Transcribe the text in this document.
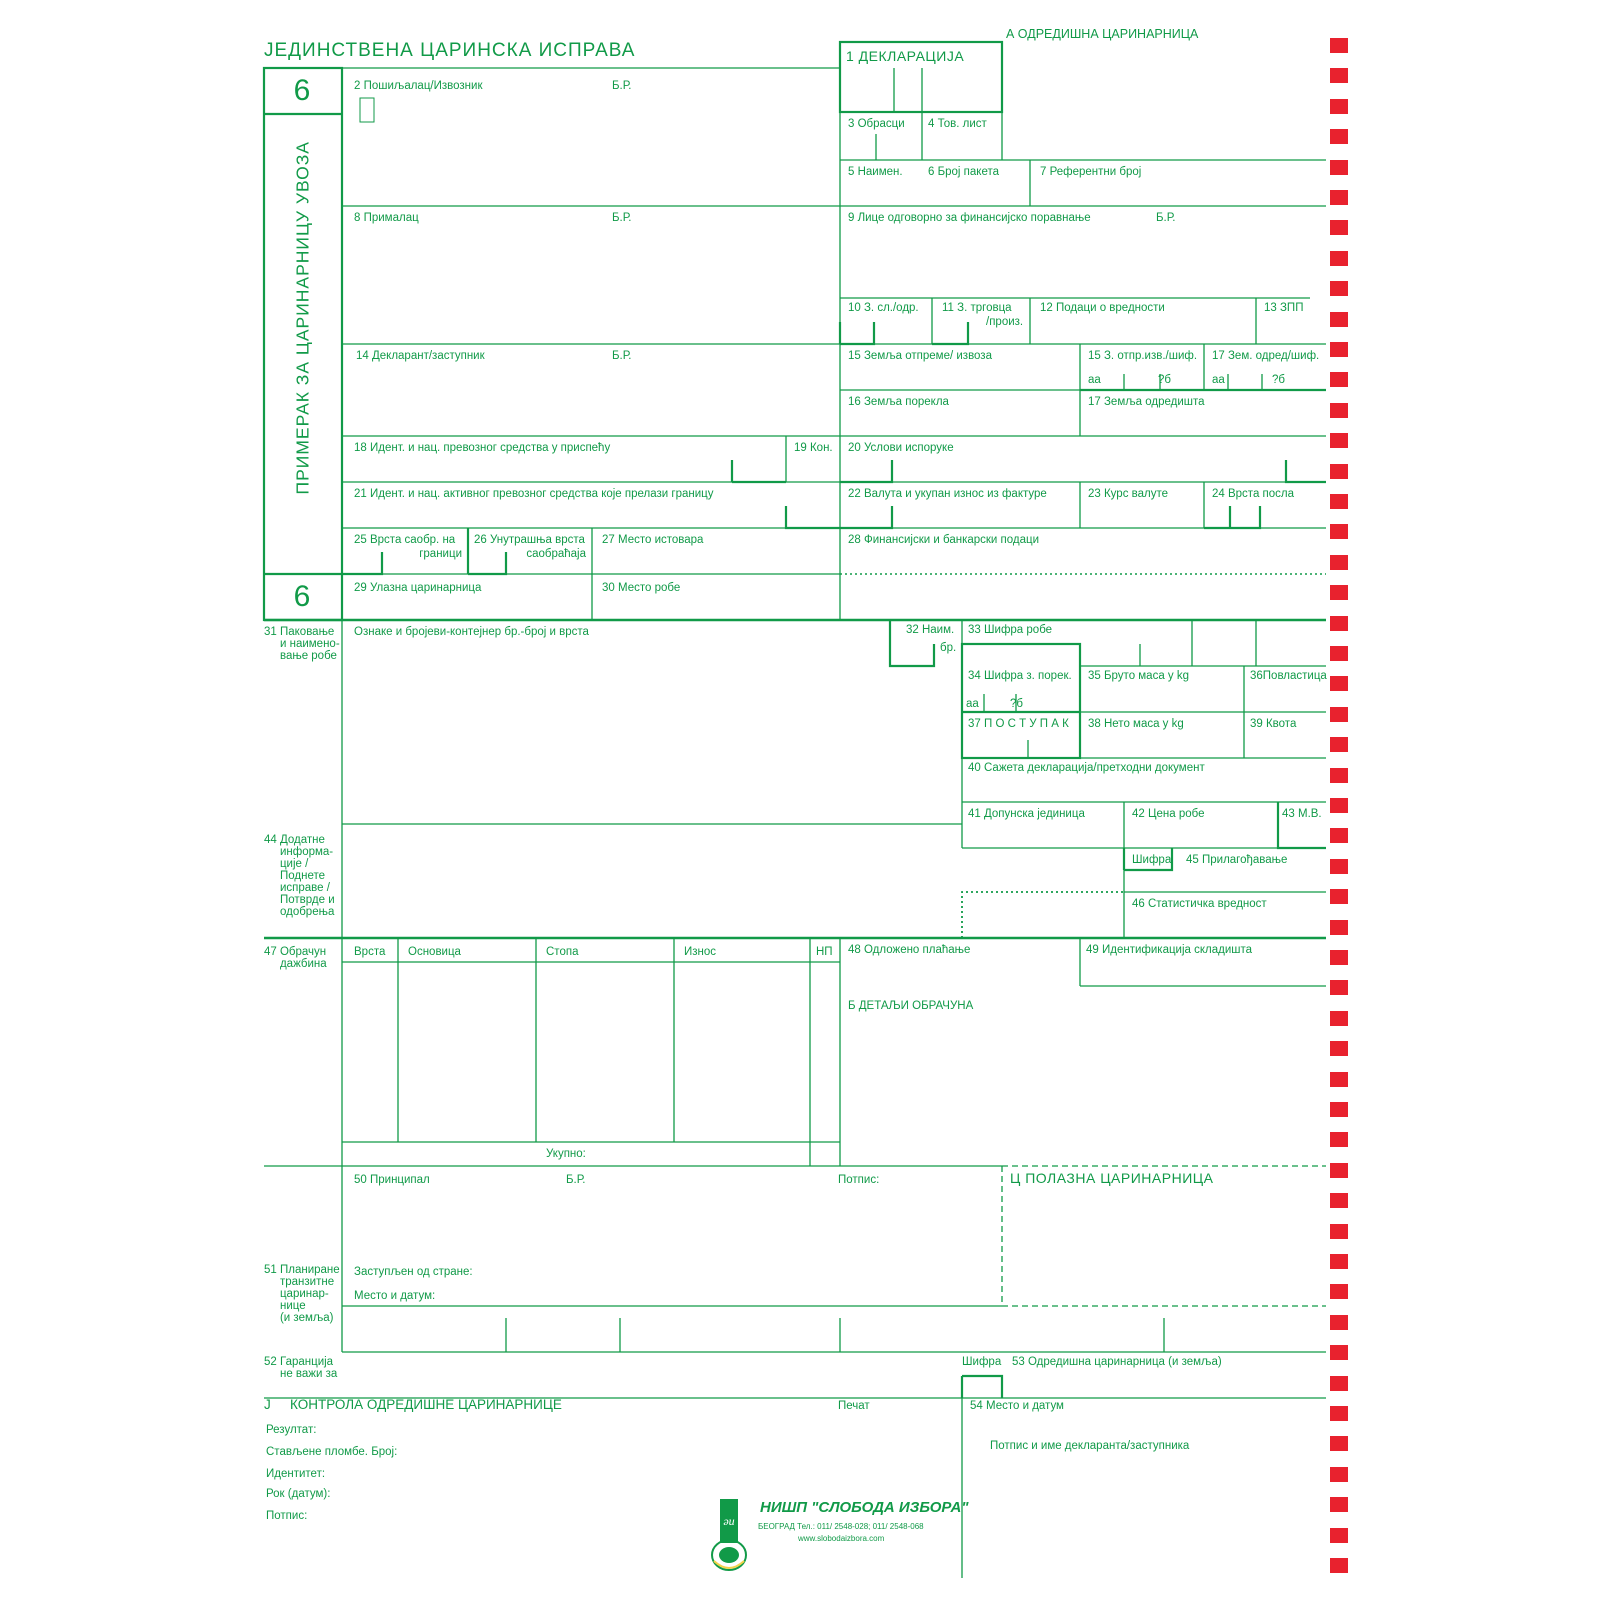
ЈЕДИНСТВЕНА ЦАРИНСКА ИСПРАВА
6
6
ПРИМЕРАК ЗА ЦАРИНАРНИЦУ УВОЗА
А ОДРЕДИШНА ЦАРИНАРНИЦА
1 ДЕКЛАРАЦИЈА
2 Пошиљалац/Извозник	Б.Р.
3 Обрасци 4 Тов. лист
5 Наимен. 6 Број пакета	7 Референтни број
8 Прималац	Б.Р.	9 Лице одговорно за финансијско поравнање	Б.Р.
10 З. сл./одр. 11 З. трговца
/произ.
12 Подаци о вредности	13 ЗПП
14 Декларант/заступник	Б.Р.	15 Земља отпреме/ извоза	15 З. отпр.изв./шиф. 17 Зем. одред/шиф.
аа	?б	аа	?б
16 Земља порекла	17 Земља одредишта
18 Идент. и нац. превозног средства у приспећу	19 Кон. 20 Услови испоруке
21 Идент. и нац. активног превозног средства које прелази границу	22 Валута и укупан износ из фактуре	23 Курс валуте	24 Врста посла
25 Врста саобр. на
граници
26 Унутрашња врста
саобраћаја
27 Место истовара	28 Финансијски и банкарски подаци
29 Улазна царинарница	30 Место робе
31 Паковање
и наимено-
вање робе
Ознаке и бројеви-контејнер бр.-број и врста	32 Наим.
бр.
33 Шифра робе
34 Шифра з. порек.
аа	?б
35 Бруто маса у kg	36Повластица
37 П О С Т У П А К 38 Нето маса у kg	39 Квота
40 Сажета декларација/претходни документ
41 Допунска јединица	42 Цена робе	43 М.В.
44 Додатне
информа-
ције /
Поднете
исправе /
Потврде и
одобрења
Шифра 45 Прилагођавање
46 Статистичка вредност
47 Обрачун
дажбина
Врста Основица	Стопа	Износ	НП
Укупно:
48 Одложено плаћање	49 Идентификација складишта
Б ДЕТАЉИ ОБРАЧУНА
50 Принципал	Б.Р.	Потпис:	Ц ПОЛАЗНА ЦАРИНАРНИЦА
Заступљен од стране:
Место и датум:
51 Планиране
транзитне
царинар-
нице
(и земља)
52 Гаранција
не важи за
Шифра 53 Одредишна царинарница (и земља)
Ј КОНТРОЛА ОДРЕДИШНЕ ЦАРИНАРНИЦЕ	Печат	54 Место и датум
Потпис и име декларанта/заступника
Резултат:
Стављене пломбе. Број:
Идентитет:
Рок (датум):
Потпис:	әи
НИШП "СЛОБОДА ИЗБОРА"
БЕОГРАД Тел.: 011/ 2548-028; 011/ 2548-068
www.slobodaizbora.com
